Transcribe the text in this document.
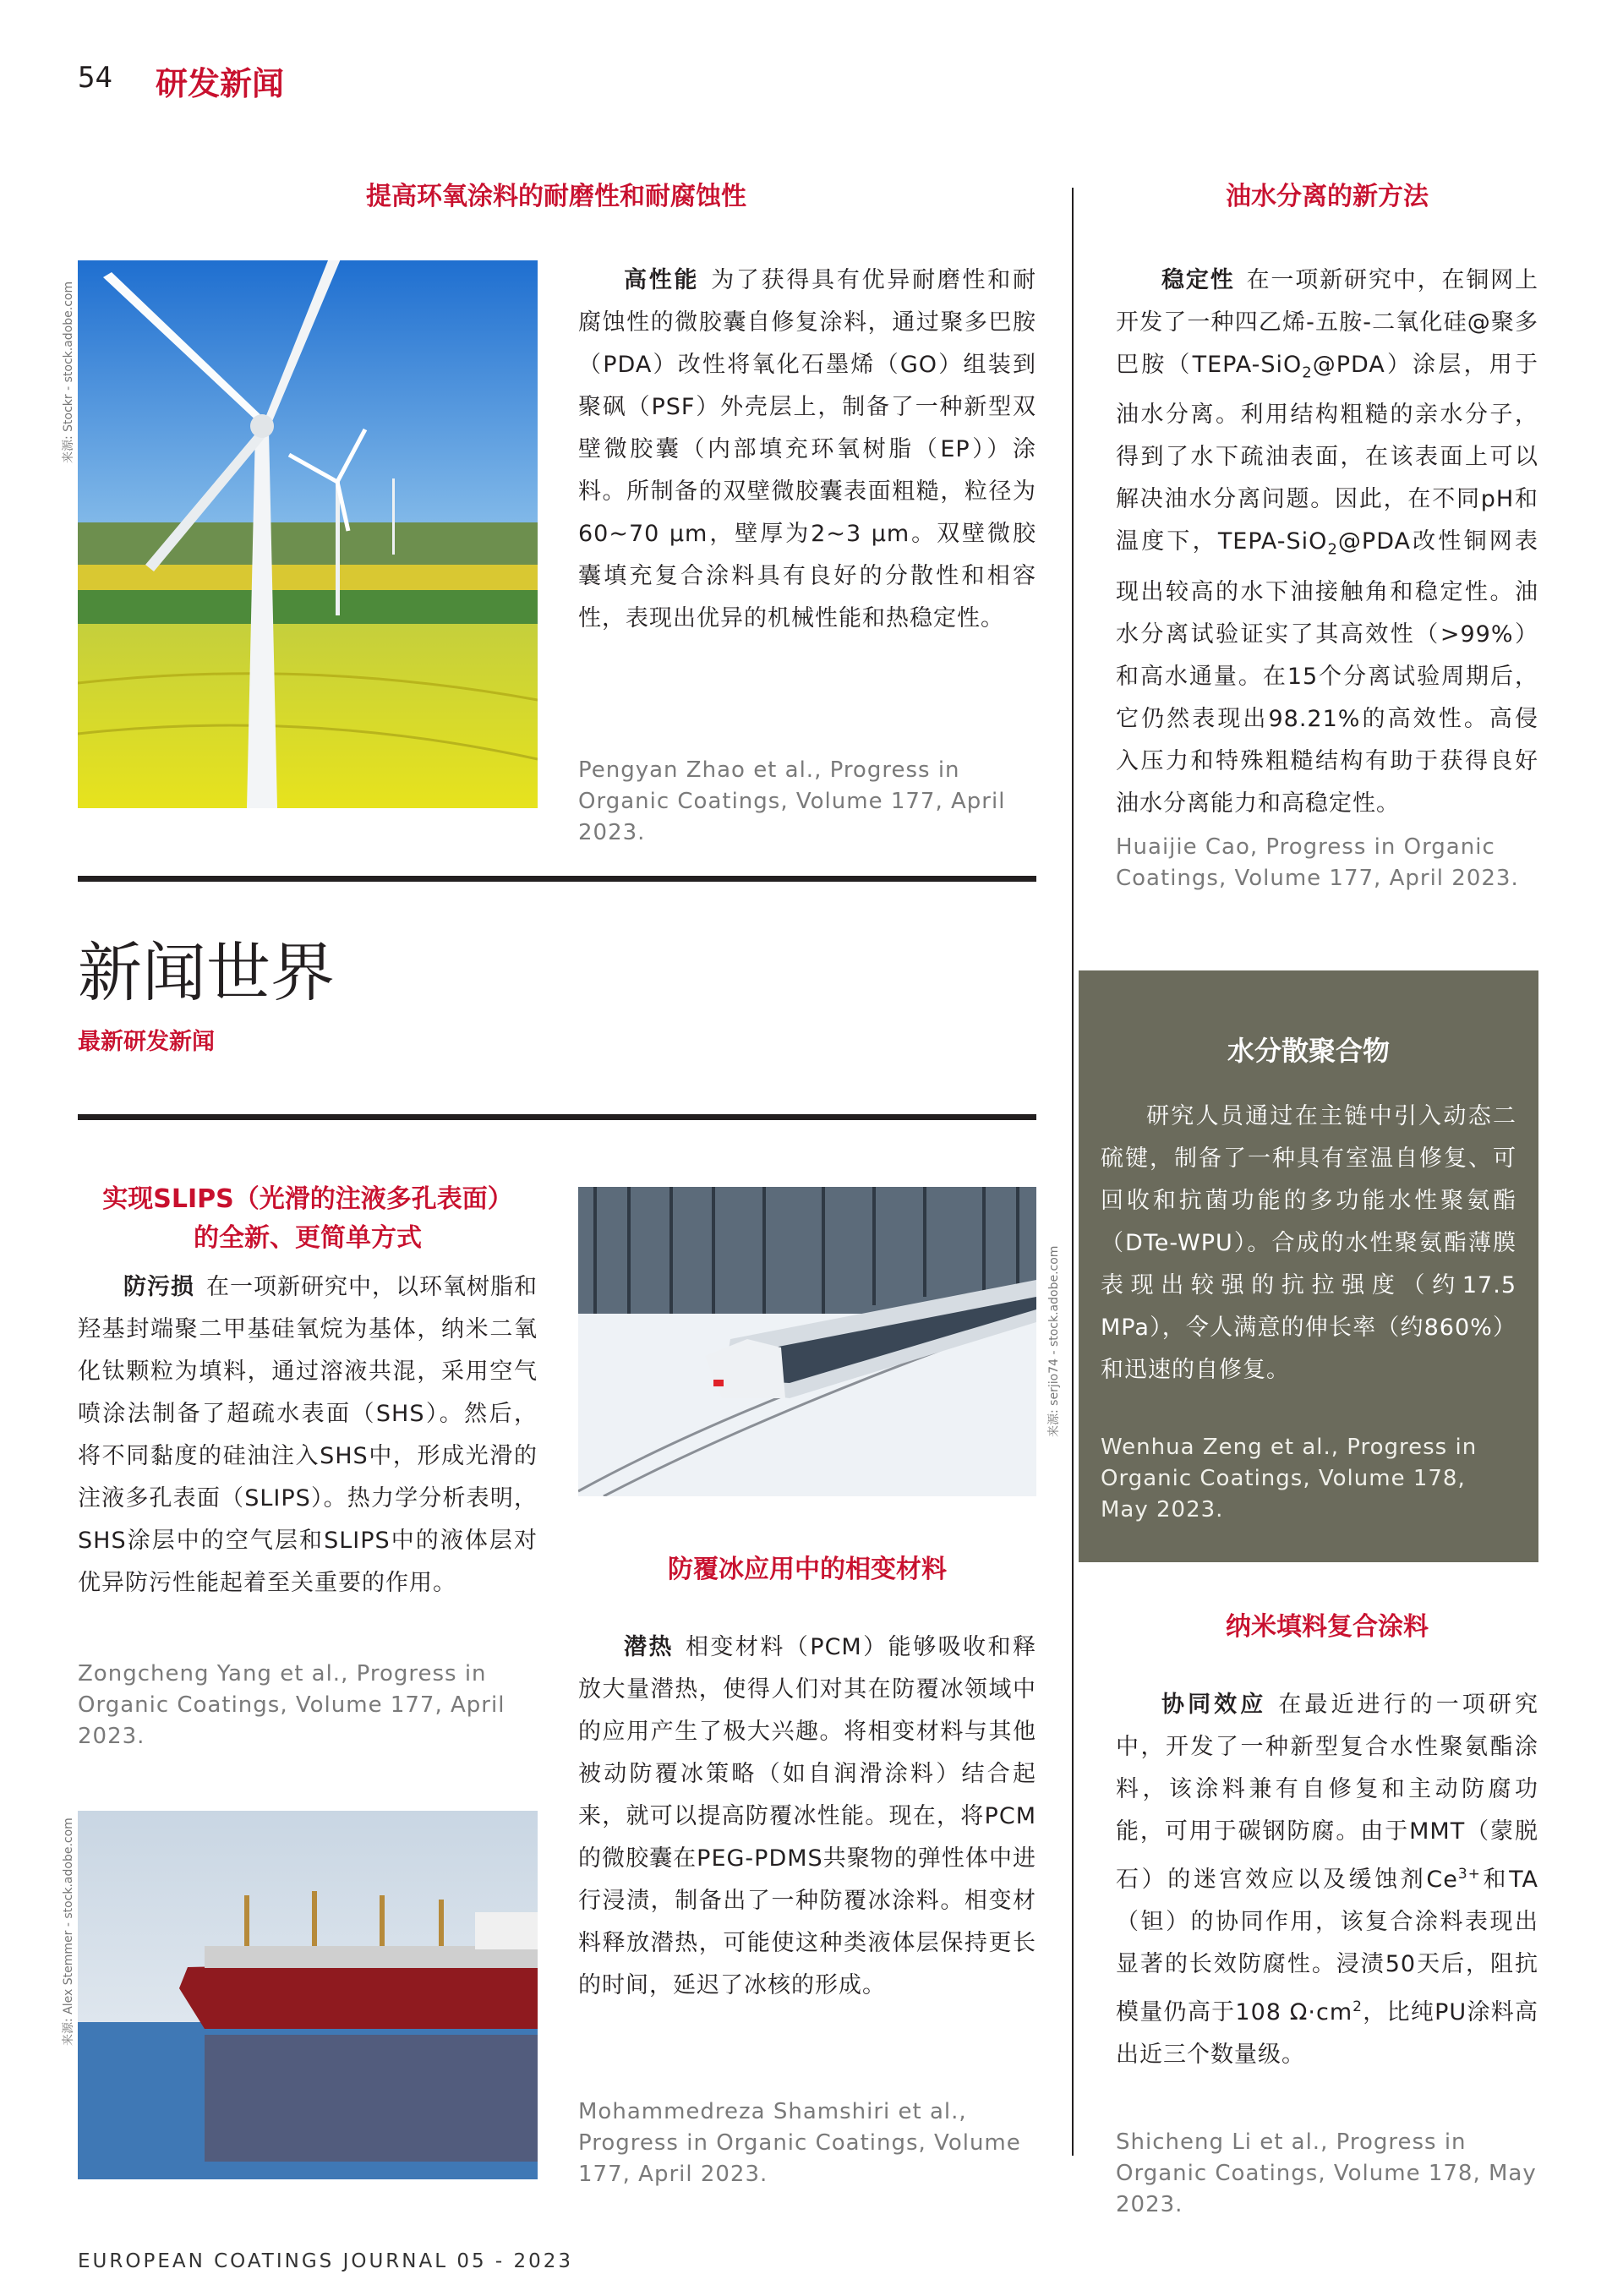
54 研发新闻
提高环氧涂料的耐磨性和耐腐蚀性
来源: Stockr - stock.adobe.com
高性能 为了获得具有优异耐磨性和耐腐蚀性的微胶囊自修复涂料，通过聚多巴胺（PDA）改性将氧化石墨烯（GO）组装到聚砜（PSF）外壳层上，制备了一种新型双壁微胶囊（内部填充环氧树脂（EP））涂料。所制备的双壁微胶囊表面粗糙，粒径为60~70 μm，壁厚为2~3 μm。双壁微胶囊填充复合涂料具有良好的分散性和相容性，表现出优异的机械性能和热稳定性。
Pengyan Zhao et al., Progress in Organic Coatings, Volume 177, April 2023.
油水分离的新方法
稳定性 在一项新研究中，在铜网上开发了一种四乙烯-五胺-二氧化硅@聚多巴胺（TEPA-SiO$_2$@PDA）涂层，用于油水分离。利用结构粗糙的亲水分子，得到了水下疏油表面，在该表面上可以解决油水分离问题。因此，在不同pH和温度下，TEPA-SiO$_2$@PDA改性铜网表现出较高的水下油接触角和稳定性。油水分离试验证实了其高效性（>99%）和高水通量。在15个分离试验周期后，它仍然表现出98.21%的高效性。高侵入压力和特殊粗糙结构有助于获得良好油水分离能力和高稳定性。
Huaijie Cao, Progress in Organic Coatings, Volume 177, April 2023.
新闻世界
最新研发新闻	水分散聚合物
研究人员通过在主链中引入动态二硫键，制备了一种具有室温自修复、可回收和抗菌功能的多功能水性聚氨酯（DTe-WPU）。合成的水性聚氨酯薄膜表现出较强的抗拉强度（约17.5 MPa），令人满意的伸长率（约860%）和迅速的自修复。
Wenhua Zeng et al., Progress in Organic Coatings, Volume 178, May 2023.
实现SLIPS（光滑的注液多孔表面）
的全新、更简单方式
防污损 在一项新研究中，以环氧树脂和羟基封端聚二甲基硅氧烷为基体，纳米二氧化钛颗粒为填料，通过溶液共混，采用空气喷涂法制备了超疏水表面（SHS）。然后，将不同黏度的硅油注入SHS中，形成光滑的注液多孔表面（SLIPS）。热力学分析表明，SHS涂层中的空气层和SLIPS中的液体层对优异防污性能起着至关重要的作用。
Zongcheng Yang et al., Progress in Organic Coatings, Volume 177, April 2023.
来源: serjio74 - stock.adobe.com
防覆冰应用中的相变材料
潜热 相变材料（PCM）能够吸收和释放大量潜热，使得人们对其在防覆冰领域中的应用产生了极大兴趣。将相变材料与其他被动防覆冰策略（如自润滑涂料）结合起来，就可以提高防覆冰性能。现在，将PCM的微胶囊在PEG-PDMS共聚物的弹性体中进行浸渍，制备出了一种防覆冰涂料。相变材料释放潜热，可能使这种类液体层保持更长的时间，延迟了冰核的形成。
Mohammedreza Shamshiri et al., Progress in Organic Coatings, Volume 177, April 2023.
来源: Alex Stemmer - stock.adobe.com
纳米填料复合涂料
协同效应 在最近进行的一项研究中，开发了一种新型复合水性聚氨酯涂料，该涂料兼有自修复和主动防腐功能，可用于碳钢防腐。由于MMT（蒙脱石）的迷宫效应以及缓蚀剂$Ce^{3+}$和TA（钽）的协同作用，该复合涂料表现出显著的长效防腐性。浸渍50天后，阻抗模量仍高于108 $\Omega\cdot cm^2$，比纯PU涂料高出近三个数量级。
Shicheng Li et al., Progress in Organic Coatings, Volume 178, May 2023.
EUROPEAN COATINGS JOURNAL 05 - 2023
